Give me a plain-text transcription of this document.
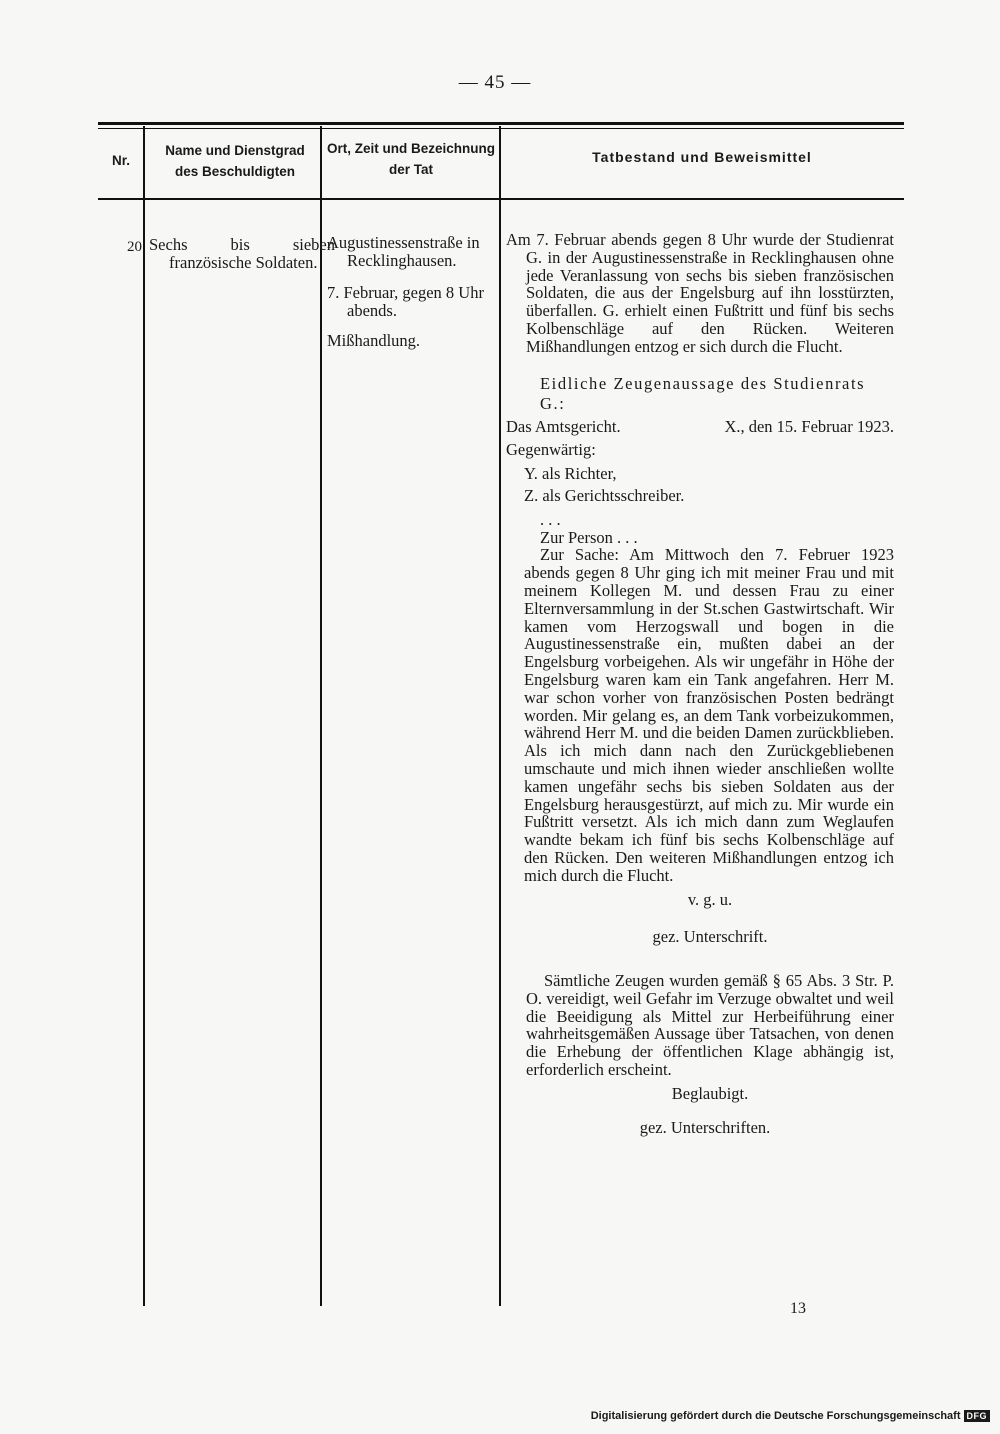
— 45 —
Nr.
Name und Dienstgrad des Beschuldigten
Ort, Zeit und Bezeichnung der Tat
Tatbestand und Beweismittel
20 Sechs bis sieben französische Soldaten.
Augustinessenstraße in Recklinghausen.
7. Februar, gegen 8 Uhr abends.
Mißhandlung.
Am 7. Februar abends gegen 8 Uhr wurde der Studienrat G. in der Augustinessenstraße in Recklinghausen ohne jede Veranlassung von sechs bis sieben französischen Soldaten, die aus der Engelsburg auf ihn losstürzten, überfallen. G. erhielt einen Fußtritt und fünf bis sechs Kolbenschläge auf den Rücken. Weiteren Mißhandlungen entzog er sich durch die Flucht.
Eidliche Zeugenaussage des Studienrats G.:
Das Amtsgericht.	X., den 15. Februar 1923.
Gegenwärtig:
Y. als Richter,
Z. als Gerichtsschreiber.
. . .
Zur Person . . .
Zur Sache: Am Mittwoch den 7. Februer 1923 abends gegen 8 Uhr ging ich mit meiner Frau und mit meinem Kollegen M. und dessen Frau zu einer Elternversammlung in der St.schen Gastwirtschaft. Wir kamen vom Herzogswall und bogen in die Augustinessenstraße ein, mußten dabei an der Engelsburg vorbeigehen. Als wir ungefähr in Höhe der Engelsburg waren kam ein Tank angefahren. Herr M. war schon vorher von französischen Posten bedrängt worden. Mir gelang es, an dem Tank vorbeizukommen, während Herr M. und die beiden Damen zurückblieben. Als ich mich dann nach den Zurückgebliebenen umschaute und mich ihnen wieder anschließen wollte kamen ungefähr sechs bis sieben Soldaten aus der Engelsburg herausgestürzt, auf mich zu. Mir wurde ein Fußtritt versetzt. Als ich mich dann zum Weglaufen wandte bekam ich fünf bis sechs Kolbenschläge auf den Rücken. Den weiteren Mißhandlungen entzog ich mich durch die Flucht.
v. g. u.
gez. Unterschrift.
Sämtliche Zeugen wurden gemäß § 65 Abs. 3 Str. P. O. vereidigt, weil Gefahr im Verzuge obwaltet und weil die Beeidigung als Mittel zur Herbeiführung einer wahrheitsgemäßen Aussage über Tatsachen, von denen die Erhebung der öffentlichen Klage abhängig ist, erforderlich erscheint.
Beglaubigt.
gez. Unterschriften.
13
Digitalisierung gefördert durch die Deutsche Forschungsgemeinschaft DFG
